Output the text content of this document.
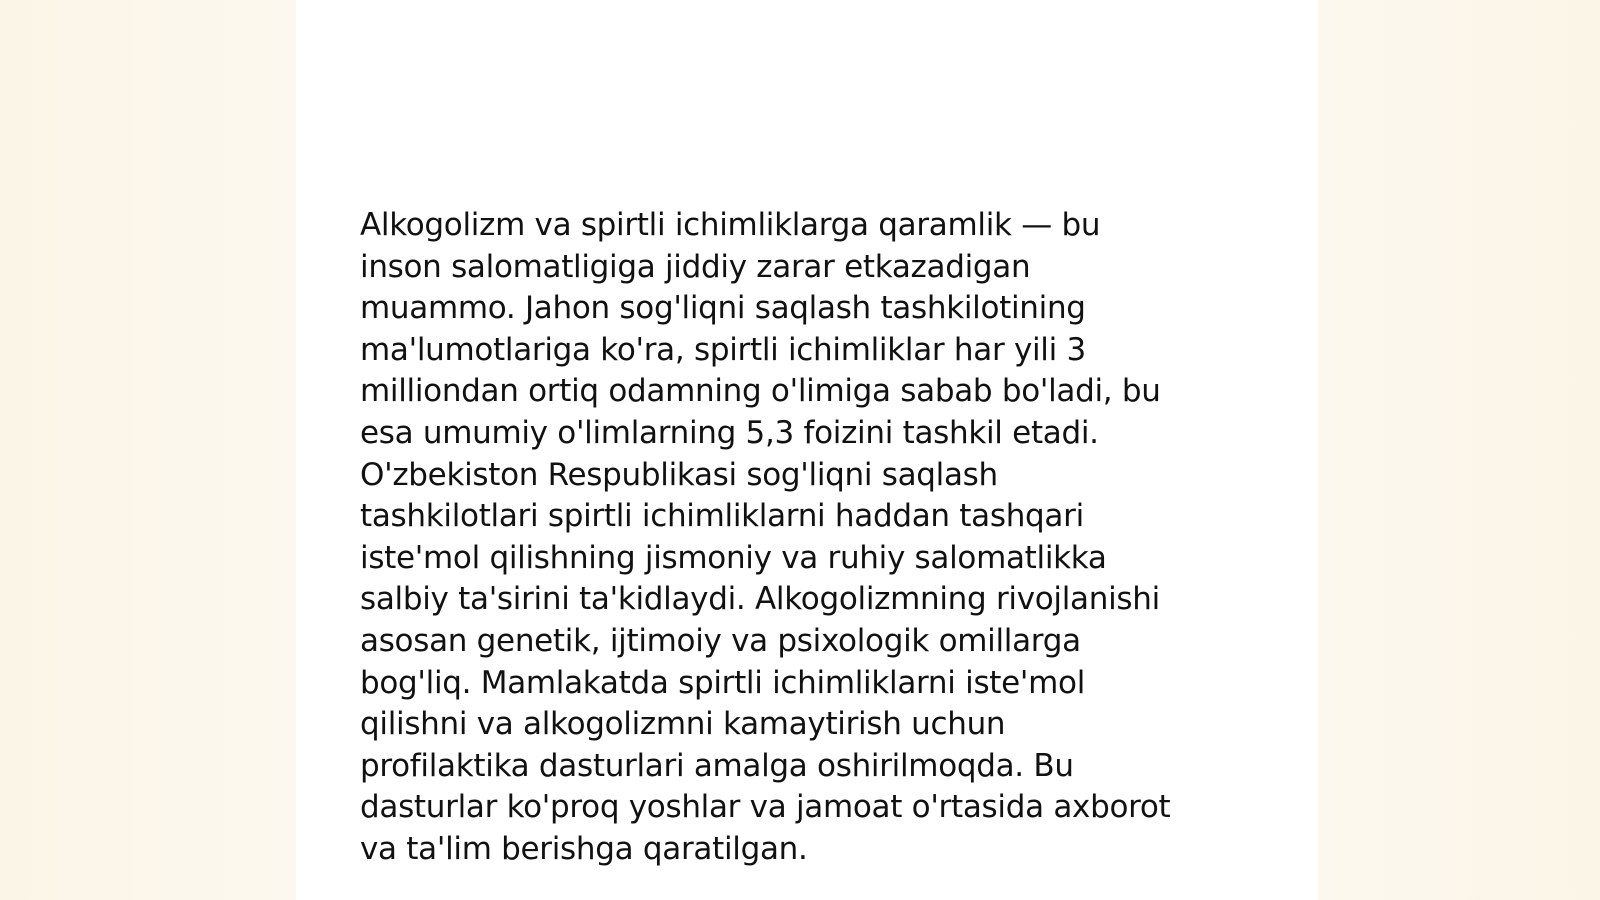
Alkogolizm va spirtli ichimliklarga qaramlik — bu
inson salomatligiga jiddiy zarar etkazadigan
muammo. Jahon sog'liqni saqlash tashkilotining
ma'lumotlariga ko'ra, spirtli ichimliklar har yili 3
milliondan ortiq odamning o'limiga sabab bo'ladi, bu
esa umumiy o'limlarning 5,3 foizini tashkil etadi.
O'zbekiston Respublikasi sog'liqni saqlash
tashkilotlari spirtli ichimliklarni haddan tashqari
iste'mol qilishning jismoniy va ruhiy salomatlikka
salbiy ta'sirini ta'kidlaydi. Alkogolizmning rivojlanishi
asosan genetik, ijtimoiy va psixologik omillarga
bog'liq. Mamlakatda spirtli ichimliklarni iste'mol
qilishni va alkogolizmni kamaytirish uchun
profilaktika dasturlari amalga oshirilmoqda. Bu
dasturlar ko'proq yoshlar va jamoat o'rtasida axborot
va ta'lim berishga qaratilgan.
